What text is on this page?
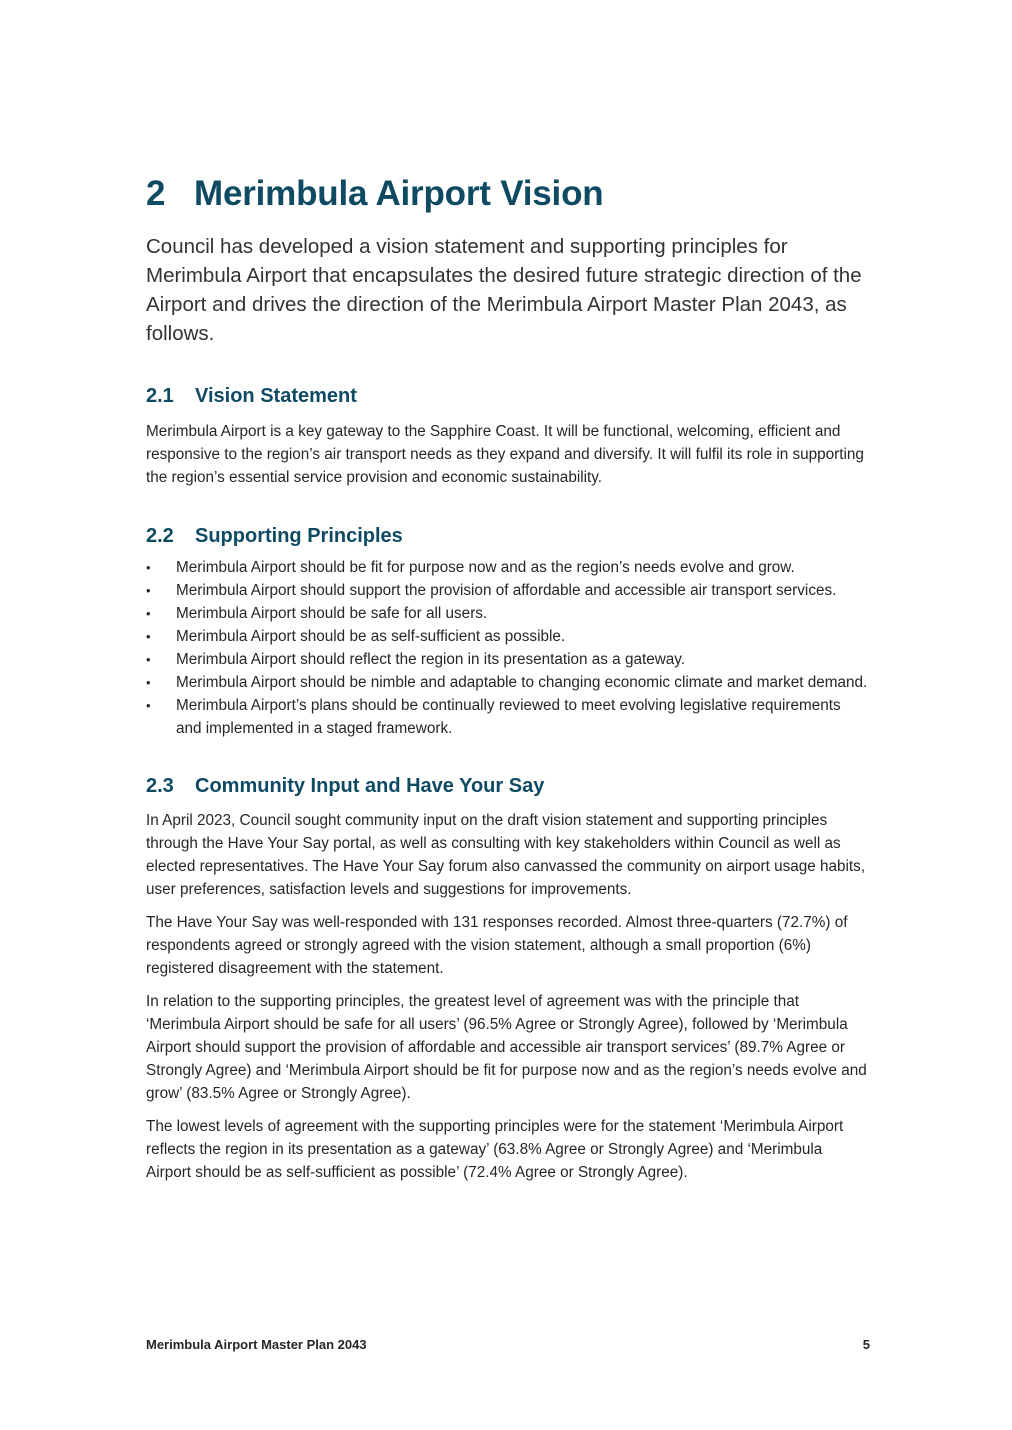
2 Merimbula Airport Vision

Council has developed a vision statement and supporting principles for Merimbula Airport that encapsulates the desired future strategic direction of the Airport and drives the direction of the Merimbula Airport Master Plan 2043, as follows.

2.1 Vision Statement

Merimbula Airport is a key gateway to the Sapphire Coast. It will be functional, welcoming, efficient and responsive to the region’s air transport needs as they expand and diversify. It will fulfil its role in supporting the region’s essential service provision and economic sustainability.

2.2 Supporting Principles
•	Merimbula Airport should be fit for purpose now and as the region’s needs evolve and grow.
•	Merimbula Airport should support the provision of affordable and accessible air transport services.
•	Merimbula Airport should be safe for all users.
•	Merimbula Airport should be as self-sufficient as possible.
•	Merimbula Airport should reflect the region in its presentation as a gateway.
•	Merimbula Airport should be nimble and adaptable to changing economic climate and market demand.
•	Merimbula Airport’s plans should be continually reviewed to meet evolving legislative requirements and implemented in a staged framework.
2.3 Community Input and Have Your Say

In April 2023, Council sought community input on the draft vision statement and supporting principles through the Have Your Say portal, as well as consulting with key stakeholders within Council as well as elected representatives. The Have Your Say forum also canvassed the community on airport usage habits, user preferences, satisfaction levels and suggestions for improvements.

The Have Your Say was well-responded with 131 responses recorded. Almost three-quarters (72.7%) of respondents agreed or strongly agreed with the vision statement, although a small proportion (6%) registered disagreement with the statement.

In relation to the supporting principles, the greatest level of agreement was with the principle that ‘Merimbula Airport should be safe for all users’ (96.5% Agree or Strongly Agree), followed by ‘Merimbula Airport should support the provision of affordable and accessible air transport services’ (89.7% Agree or Strongly Agree) and ‘Merimbula Airport should be fit for purpose now and as the region’s needs evolve and grow’ (83.5% Agree or Strongly Agree).

The lowest levels of agreement with the supporting principles were for the statement ‘Merimbula Airport reflects the region in its presentation as a gateway’ (63.8% Agree or Strongly Agree) and ‘Merimbula Airport should be as self-sufficient as possible’ (72.4% Agree or Strongly Agree).

Merimbula Airport Master Plan 2043	5
